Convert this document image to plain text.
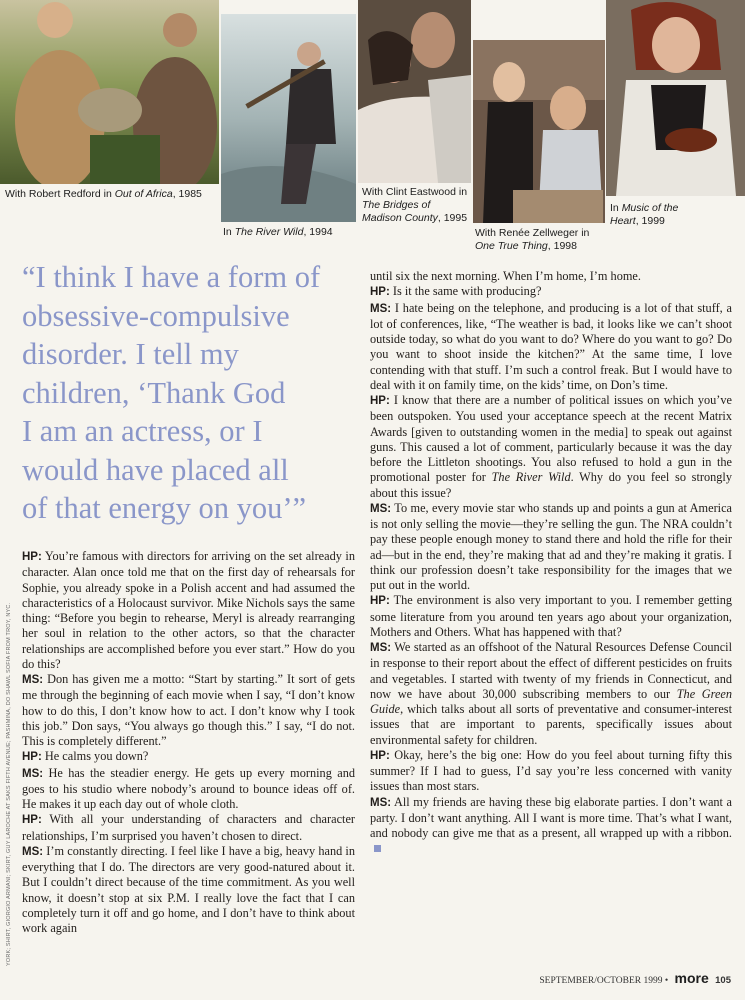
With Robert Redford in Out of Africa, 1985
In The River Wild, 1994
With Clint Eastwood in
The Bridges of
Madison County, 1995
With Renée Zellweger in
One True Thing, 1998
In Music of the
Heart, 1999
“I think I have a form of
obsessive-compulsive
disorder. I tell my
children, ‘Thank God
I am an actress, or I
would have placed all
of that energy on you’”

HP: You’re famous with directors for arriving on the set already in character. Alan once told me that on the first day of rehearsals for Sophie, you already spoke in a Polish accent and had assumed the characteristics of a Holocaust survivor. Mike Nichols says the same thing: “Before you begin to rehearse, Meryl is already rearranging her soul in relation to the other actors, so that the character relationships are accomplished before you ever start.” How do you do this?

MS: Don has given me a motto: “Start by starting.” It sort of gets me through the beginning of each movie when I say, “I don’t know how to do this, I don’t know how to act. I don’t know why I took this job.” Don says, “You always go though this.” I say, “I do not. This is completely different.”

HP: He calms you down?

MS: He has the steadier energy. He gets up every morning and goes to his studio where nobody’s around to bounce ideas off of. He makes it up each day out of whole cloth.

HP: With all your understanding of characters and character relationships, I’m surprised you haven’t chosen to direct.

MS: I’m constantly directing. I feel like I have a big, heavy hand in everything that I do. The directors are very good-natured about it. But I couldn’t direct because of the time commitment. As you well know, it doesn’t stop at six P.M. I really love the fact that I can completely turn it off and go home, and I don’t have to think about work again

until six the next morning. When I’m home, I’m home.

HP: Is it the same with producing?

MS: I hate being on the telephone, and producing is a lot of that stuff, a lot of conferences, like, “The weather is bad, it looks like we can’t shoot outside today, so what do you want to do? Where do you want to go? Do you want to shoot inside the kitchen?” At the same time, I love contending with that stuff. I’m such a control freak. But I would have to deal with it on family time, on the kids’ time, on Don’s time.

HP: I know that there are a number of political issues on which you’ve been outspoken. You used your acceptance speech at the recent Matrix Awards [given to outstanding women in the media] to speak out against guns. This caused a lot of comment, particularly because it was the day before the Littleton shootings. You also refused to hold a gun in the promotional poster for The River Wild. Why do you feel so strongly about this issue?

MS: To me, every movie star who stands up and points a gun at America is not only selling the movie—they’re selling the gun. The NRA couldn’t pay these people enough money to stand there and hold the rifle for their ad—but in the end, they’re making that ad and they’re making it gratis. I think our profession doesn’t take responsibility for the images that we put out in the world.

HP: The environment is also very important to you. I remember getting some literature from you around ten years ago about your organization, Mothers and Others. What has happened with that?

MS: We started as an offshoot of the Natural Resources Defense Council in response to their report about the effect of different pesticides on fruits and vegetables. I started with twenty of my friends in Connecticut, and now we have about 30,000 subscribing members to our The Green Guide, which talks about all sorts of preventative and consumer-interest issues that are important to parents, specifically issues about environmental safety for children.

HP: Okay, here’s the big one: How do you feel about turning fifty this summer? If I had to guess, I’d say you’re less concerned with vanity issues than most stars.

MS: All my friends are having these big elaborate parties. I don’t want a party. I don’t want anything. All I want is more time. That’s what I want, and nobody can give me that as a present, all wrapped up with a ribbon.

YORK; SHIRT, GIORGIO ARMANI; SKIRT, GUY LAROCHE AT SAKS FIFTH AVENUE; PASHMINA, DO SHAWL SOFIA FROM TROY, NYC.
SEPTEMBER/OCTOBER 1999 • more 105
